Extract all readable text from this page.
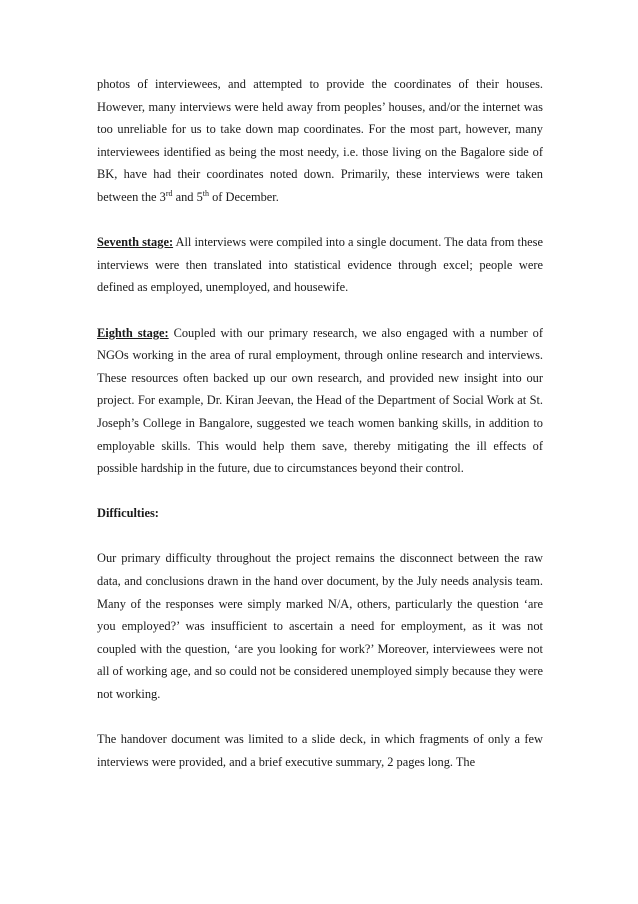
photos of interviewees, and attempted to provide the coordinates of their houses. However, many interviews were held away from peoples’ houses, and/or the internet was too unreliable for us to take down map coordinates. For the most part, however, many interviewees identified as being the most needy, i.e. those living on the Bagalore side of BK, have had their coordinates noted down. Primarily, these interviews were taken between the 3rd and 5th of December.

Seventh stage: All interviews were compiled into a single document. The data from these interviews were then translated into statistical evidence through excel; people were defined as employed, unemployed, and housewife.

Eighth stage: Coupled with our primary research, we also engaged with a number of NGOs working in the area of rural employment, through online research and interviews. These resources often backed up our own research, and provided new insight into our project. For example, Dr. Kiran Jeevan, the Head of the Department of Social Work at St. Joseph’s College in Bangalore, suggested we teach women banking skills, in addition to employable skills. This would help them save, thereby mitigating the ill effects of possible hardship in the future, due to circumstances beyond their control.

Difficulties:

Our primary difficulty throughout the project remains the disconnect between the raw data, and conclusions drawn in the hand over document, by the July needs analysis team. Many of the responses were simply marked N/A, others, particularly the question ‘are you employed?’ was insufficient to ascertain a need for employment, as it was not coupled with the question, ‘are you looking for work?’ Moreover, interviewees were not all of working age, and so could not be considered unemployed simply because they were not working.

The handover document was limited to a slide deck, in which fragments of only a few interviews were provided, and a brief executive summary, 2 pages long. The
